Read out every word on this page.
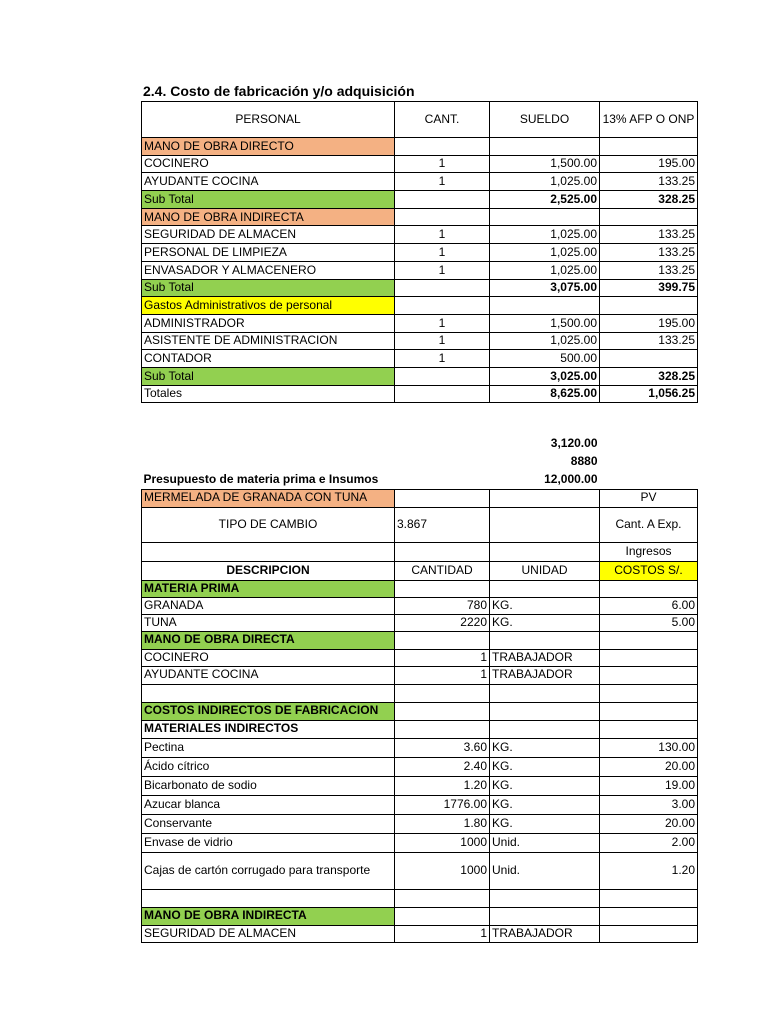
2.4. Costo de fabricación y/o adquisición
PERSONAL	CANT.	SUELDO	13% AFP O ONP
MANO DE OBRA DIRECTO			
COCINERO	1	1,500.00	195.00
AYUDANTE COCINA	1	1,025.00	133.25
Sub Total		2,525.00	328.25
MANO DE OBRA INDIRECTA			
SEGURIDAD DE ALMACEN	1	1,025.00	133.25
PERSONAL DE LIMPIEZA	1	1,025.00	133.25
ENVASADOR Y ALMACENERO	1	1,025.00	133.25
Sub Total		3,075.00	399.75
Gastos Administrativos de personal			
ADMINISTRADOR	1	1,500.00	195.00
ASISTENTE DE ADMINISTRACION	1	1,025.00	133.25
CONTADOR	1	500.00	
Sub Total		3,025.00	328.25
Totales		8,625.00	1,056.25
		3,120.00	
		8880	
Presupuesto de materia prima e Insumos		12,000.00	
MERMELADA DE GRANADA CON TUNA			PV
TIPO DE CAMBIO	3.867		Cant. A Exp.
			Ingresos
DESCRIPCION	CANTIDAD	UNIDAD	COSTOS S/.
MATERIA PRIMA			
GRANADA	780	KG.	6.00
TUNA	2220	KG.	5.00
MANO DE OBRA DIRECTA			
COCINERO	1	TRABAJADOR	
AYUDANTE COCINA	1	TRABAJADOR	

COSTOS INDIRECTOS DE FABRICACION			
MATERIALES INDIRECTOS			
Pectina	3.60	KG.	130.00
Ácido cítrico	2.40	KG.	20.00
Bicarbonato de sodio	1.20	KG.	19.00
Azucar blanca	1776.00	KG.	3.00
Conservante	1.80	KG.	20.00
Envase de vidrio	1000	Unid.	2.00
Cajas de cartón corrugado para transporte	1000	Unid.	1.20

MANO DE OBRA INDIRECTA			
SEGURIDAD DE ALMACEN	1	TRABAJADOR	
